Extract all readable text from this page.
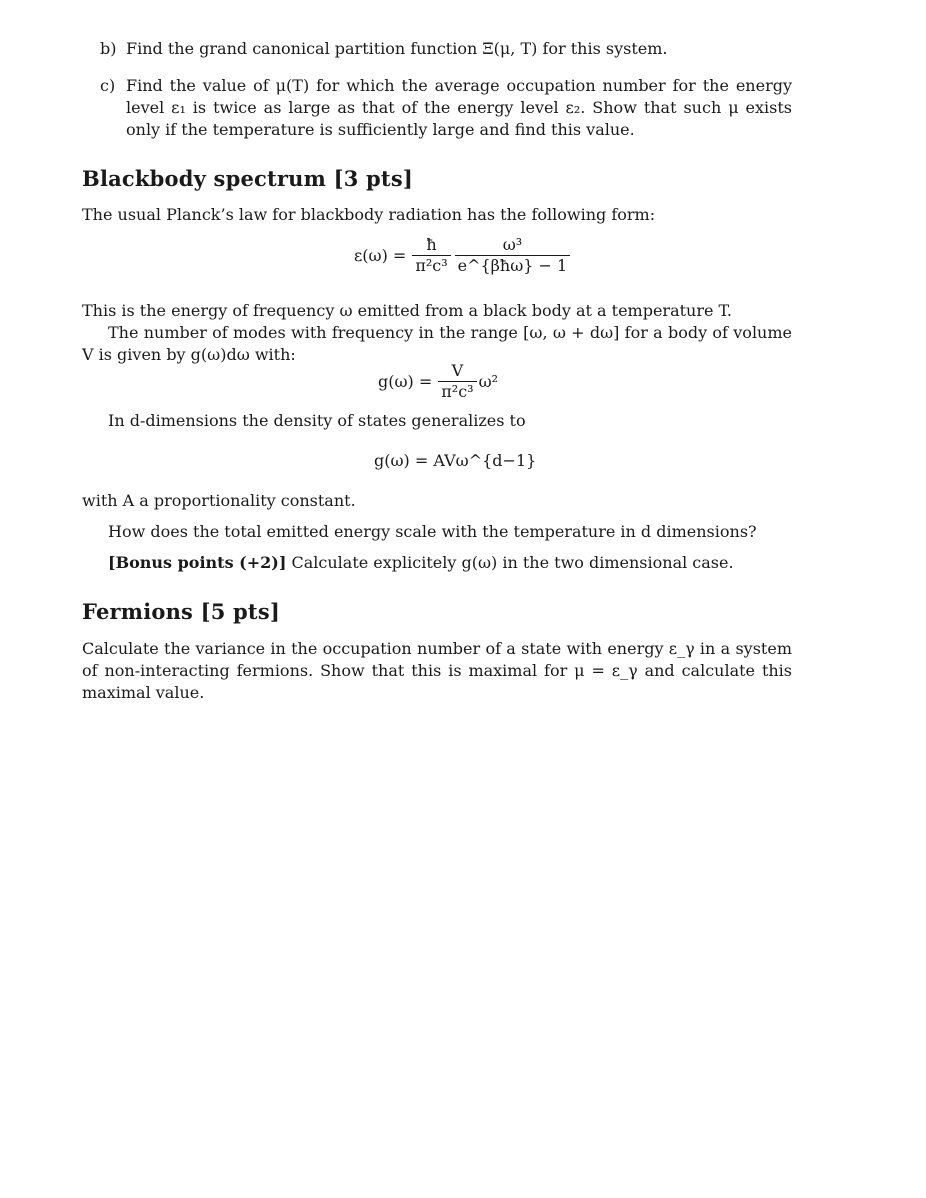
b) Find the grand canonical partition function Ξ(μ, T) for this system.

c) Find the value of μ(T) for which the average occupation number for the energy level ε₁ is twice as large as that of the energy level ε₂. Show that such μ exists only if the temperature is sufficiently large and find this value.

Blackbody spectrum [3 pts]

The usual Planck’s law for blackbody radiation has the following form:

$\varepsilon(\omega) = \frac{ħ}{\text{π²c³}} \frac{\text{ω³}}{\text{e\textasciicircum{}\{βħω\} − 1}}$

This is the energy of frequency ω emitted from a black body at a temperature T.

The number of modes with frequency in the range [ω, ω + dω] for a body of volume V is given by g(ω)dω with:

$g(\omega) = \frac{V}{\text{π²c³}} \omega^2$

In d-dimensions the density of states generalizes to

g(ω) = AVω^{d−1}

with A a proportionality constant.

How does the total emitted energy scale with the temperature in d dimensions?

[Bonus points (+2)] Calculate explicitely g(ω) in the two dimensional case.

Fermions [5 pts]

Calculate the variance in the occupation number of a state with energy ε_γ in a system of non-interacting fermions. Show that this is maximal for μ = ε_γ and calculate this maximal value.
